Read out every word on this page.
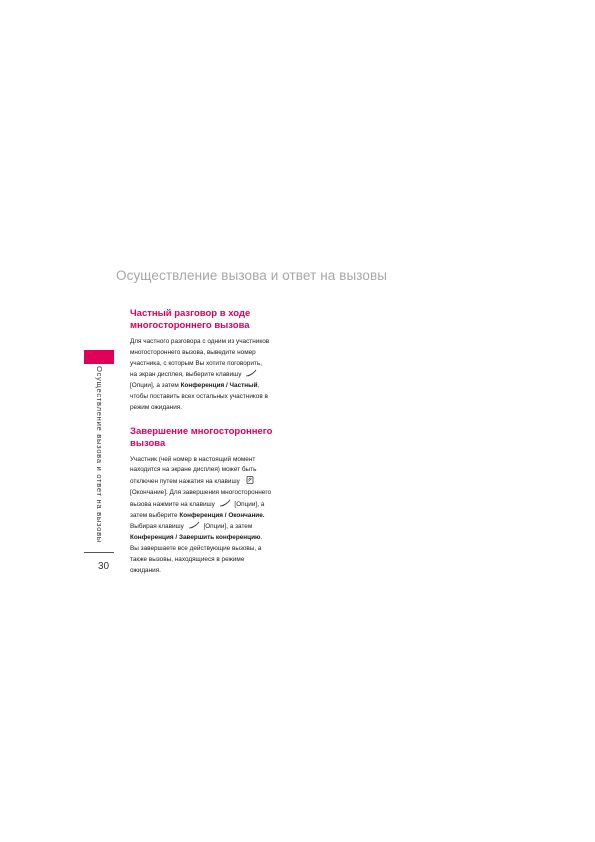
Осуществление вызова и ответ на вызовы
Осуществление вызова и ответ на вызовы
30
Частный разговор в ходе
многостороннего вызова
Для частного разговора с одним из участников
многостороннего вызова, выведите номер
участника, с которым Вы хотите поговорить,
на экран дисплея, выберите клавишу
[Опции], а затем Конференция / Частный,
чтобы поставить всех остальных участников в
режим ожидания.
Завершение многостороннего
вызова
Участник (чей номер в настоящий момент
находится на экране дисплея) может быть
отключен путем нажатия на клавишу
[Окончание]. Для завершения многостороннего
вызова нажмите на клавишу	[Опции], а
затем выберите Конференция / Окончание.
Выбирая клавишу	[Опции], а затем
Конференция / Завершить конференцию.
Вы завершаете все действующие вызовы, а
также вызовы, находящиеся в режиме
ожидания.
